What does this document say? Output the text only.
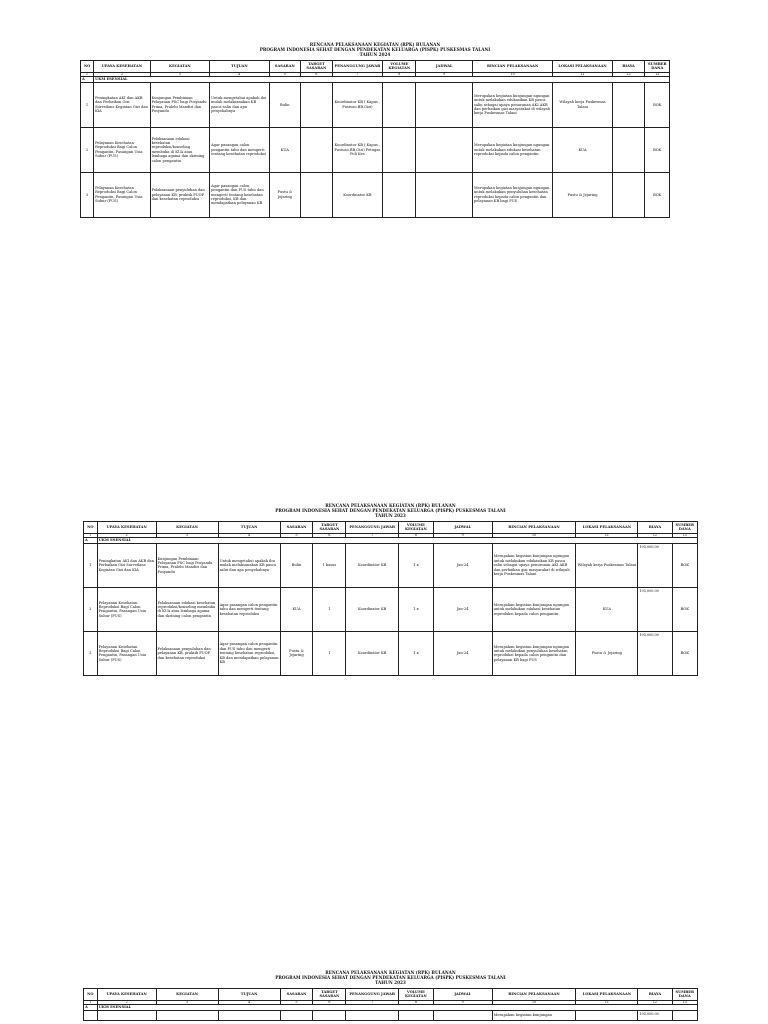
RENCANA PELAKSANAAN KEGIATAN (RPK) BULANAN
PROGRAM INDONESIA SEHAT DENGAN PENDEKATAN KELUARGA (PISPK) PUSKESMAS TALANI
TAHUN 2024
NO	UPAYA KESEHATAN	KEGIATAN	TUJUAN	SASARAN	TARGET SASARAN	PENANGGUNG JAWAB	VOLUME KEGIATAN	JADWAL	RINCIAN PELAKSANAAN	LOKASI PELAKSANAAN	BIAYA	SUMBER DANA
1	2	3	4	5	6	7	8	9	10	11	12	13
A	UKM ESENSIAL											
1	Peningkatan AKI dan AKB dan Perbaikan Gizi Surveilans Kegiatan Gizi dan KIA	Kunjungan Pembinaan Pelayanan PSC bagi Posyandu Prima, Pralebi Mandiri dan Posyandu	Untuk mengetahui apakah ibu mulah melaksanakan KB pasca salin dan apa penyebabnya	Bulin		Koordinator KB ( Kapus , Pustuso,BB,Gizi)			Merupakan kegiatan kunjungan ngungan untuk melakukan edukasikan KB pasca salin sebagai upaya penurunan AKI AKB dan perbaikan gizi masyarakat di wilayah kerja Puskesmas Talani	Wilayah kerja Puskesmas Talani		BOK
2	Pelayanan Kesehatan Reproduksi Bagi Calon Pengantin, Pasangan Usia Subur (PUS)	Pelaksanaan edukasi kesehatan reproduksi/konseling membuka di KUA atau lembaga agama dan skrining calon pengantin	Agar pasangan calon pengantin tahu dan mengerti tentang kesehatan reproduksi	KUA		Koordinator KB ( Kapus , Pustuso,BB,Gizi) Petugas Poli Kes			Merupakan kegiatan kunjungan ngungan untuk melakukan edukasi kesehatan reproduksi kepada calon pengantin	KUA		BOK
3	Pelayanan Kesehatan Reproduksi Bagi Calon Pengantin, Pasangan Usia Subur (PUS)	Pelaksanaan penyuluhan dan pelayanan KB, praktik PUOP dan kesehatan reproduksi	Agar pasangan calon pengantin dan PUS tahu dan mengerti tentang kesehatan reproduksi, KB dan mendapatkan pelayanan KB	Pustu & Jejaring		Koordinator KB			Merupakan kegiatan kunjungan ngungan untuk melakukan penyuluhan kesehatan reproduksi kepada calon pengantin dan pelayanan KB bagi PUS	Pustu & Jejaring		BOK
RENCANA PELAKSANAAN KEGIATAN (RPK) BULANAN
PROGRAM INDONESIA SEHAT DENGAN PENDEKATAN KELUARGA (PISPK) PUSKESMAS TALANI
TAHUN 2023
NO	UPAYA KESEHATAN	KEGIATAN	TUJUAN	SASARAN	TARGET SASARAN	PENANGGUNG JAWAB	VOLUME KEGIATAN	JADWAL	RINCIAN PELAKSANAAN	LOKASI PELAKSANAAN	BIAYA	SUMBER DANA
1	2	3	4	5	6	7	8	9	10	11	12	13
A	UKM ESENSIAL											
1	Peningkatan AKI dan AKB dan Perbaikan Gizi Surveilans Kegiatan Gizi dan KIA	Kunjungan Pembinaan Pelayanan PSC bagi Posyandu Prima, Pralebi Mandiri dan Posyandu	Untuk mengetahui apakah ibu mulah melaksanakan KB pasca salin dan apa penyebabnya	Bulin	1 kasus	Koordinator KB	1 x	Jan-24	Merupakan kegiatan kunjungan ngungan untuk melakukan edukasikan KB pasca salin sebagai upaya penurunan AKI AKB dan perbaikan gizi masyarakat di wilayah kerja Puskesmas Talani	Wilayah kerja Puskesmas Talani	195,000.00	BOK
2	Pelayanan Kesehatan Reproduksi Bagi Calon Pengantin, Pasangan Usia Subur (PUS)	Pelaksanaan edukasi kesehatan reproduksi/konseling membuka di KUA atau lembaga agama dan skrining calon pengantin	Agar pasangan calon pengantin tahu dan mengerti tentang kesehatan reproduksi	KUA	1	Koordinator KB	1 x	Jan-24	Merupakan kegiatan kunjungan ngungan untuk melakukan edukasi kesehatan reproduksi kepada calon pengantin	KUA	195,000.00	BOK
3	Pelayanan Kesehatan Reproduksi Bagi Calon Pengantin, Pasangan Usia Subur (PUS)	Pelaksanaan penyuluhan dan pelayanan KB, praktik PUOP dan kesehatan reproduksi	Agar pasangan calon pengantin dan PUS tahu dan mengerti tentang kesehatan reproduksi, KB dan mendapatkan pelayanan KB	Pustu & Jejaring	1	Koordinator KB	1 x	Jan-24	Merupakan kegiatan kunjungan ngungan untuk melakukan penyuluhan kesehatan reproduksi kepada calon pengantin dan pelayanan KB bagi PUS	Pustu & Jejaring	195,000.00	BOK
RENCANA PELAKSANAAN KEGIATAN (RPK) BULANAN
PROGRAM INDONESIA SEHAT DENGAN PENDEKATAN KELUARGA (PISPK) PUSKESMAS TALANI
TAHUN 2023
NO	UPAYA KESEHATAN	KEGIATAN	TUJUAN	SASARAN	TARGET SASARAN	PENANGGUNG JAWAB	VOLUME KEGIATAN	JADWAL	RINCIAN PELAKSANAAN	LOKASI PELAKSANAAN	BIAYA	SUMBER DANA
1	2	3	4	5	6	7	8	9	10	11	12	13
A	UKM ESENSIAL											
									Merupakan kegiatan kunjungan		195,000.00	
